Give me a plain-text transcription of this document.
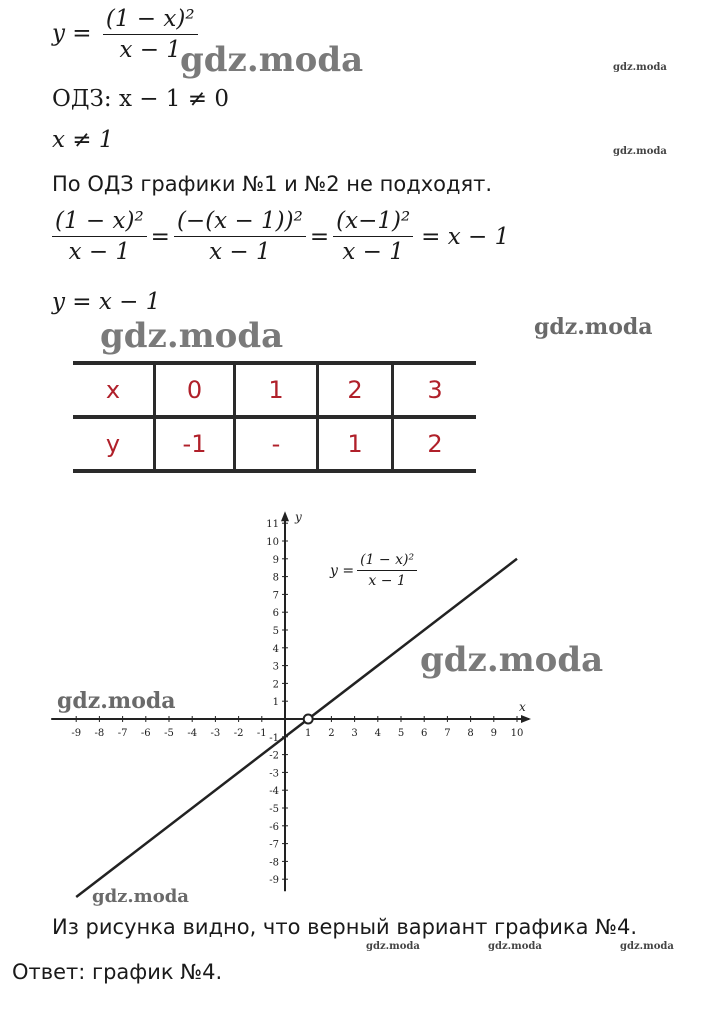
$y = \frac{\text{(1 − x)²}}{x - 1}$
ОДЗ: x − 1 ≠ 0
x ≠ 1
По ОДЗ графики №1 и №2 не подходят.
$\frac{\text{(1 − x)²}}{x - 1} = \frac{\text{(−(x − 1))²}}{x - 1} = \frac{\text{(x−1)²}}{x - 1} = x - 1$
y = x − 1
gdz.moda	gdz.moda
gdz.moda
gdz.moda	gdz.moda
x	0	1	2	3
y	-1	-	1	2
x
y
-9 -8 -7 -6 -5 -4 -3 -2 -1	1 2 3 4 5 6 7 8 9 10
11
10
9
8
7
6
5
4
3
2
1
-1
-2
-3
-4
-5
-6
-7
-8
-9
$y = \frac{\text{(1 − x)²}}{x - 1}$
gdz.moda
gdz.moda
gdz.moda
Из рисунка видно, что верный вариант графика №4.
gdz.moda	gdz.moda	gdz.moda
Ответ: график №4.
